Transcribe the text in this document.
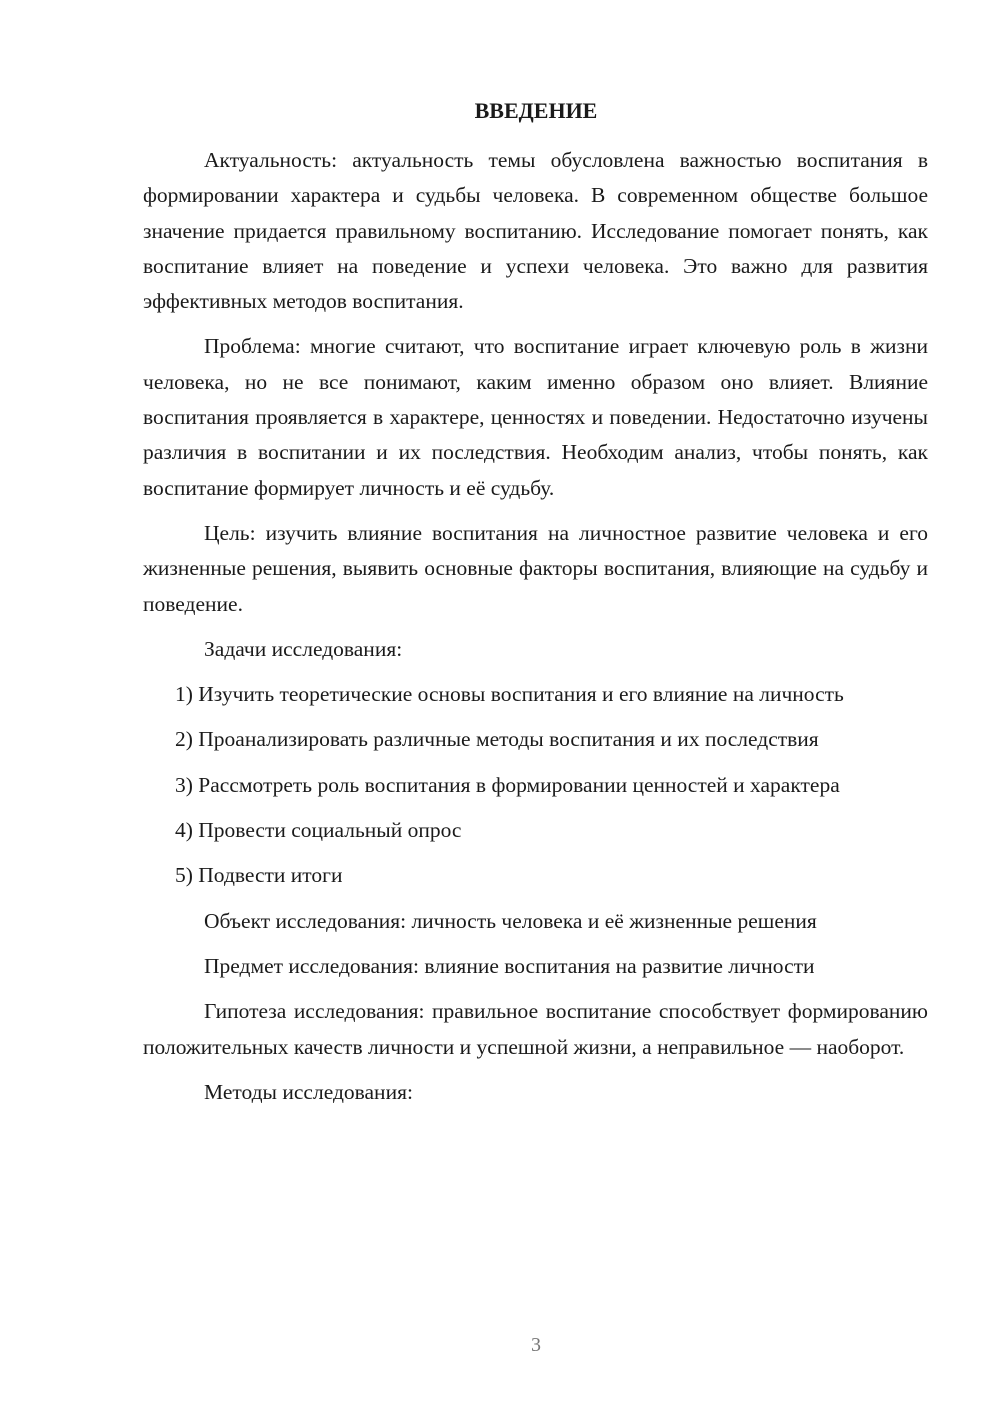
ВВЕДЕНИЕ

Актуальность: актуальность темы обусловлена важностью воспитания в формировании характера и судьбы человека. В современном обществе большое значение придается правильному воспитанию. Исследование помогает понять, как воспитание влияет на поведение и успехи человека. Это важно для развития эффективных методов воспитания.

Проблема: многие считают, что воспитание играет ключевую роль в жизни человека, но не все понимают, каким именно образом оно влияет. Влияние воспитания проявляется в характере, ценностях и поведении. Недостаточно изучены различия в воспитании и их последствия. Необходим анализ, чтобы понять, как воспитание формирует личность и её судьбу.

Цель: изучить влияние воспитания на личностное развитие человека и его жизненные решения, выявить основные факторы воспитания, влияющие на судьбу и поведение.

Задачи исследования:

1) Изучить теоретические основы воспитания и его влияние на личность

2) Проанализировать различные методы воспитания и их последствия

3) Рассмотреть роль воспитания в формировании ценностей и характера

4) Провести социальный опрос

5) Подвести итоги

Объект исследования: личность человека и её жизненные решения

Предмет исследования: влияние воспитания на развитие личности

Гипотеза исследования: правильное воспитание способствует формированию положительных качеств личности и успешной жизни, а неправильное — наоборот.

Методы исследования:

3
